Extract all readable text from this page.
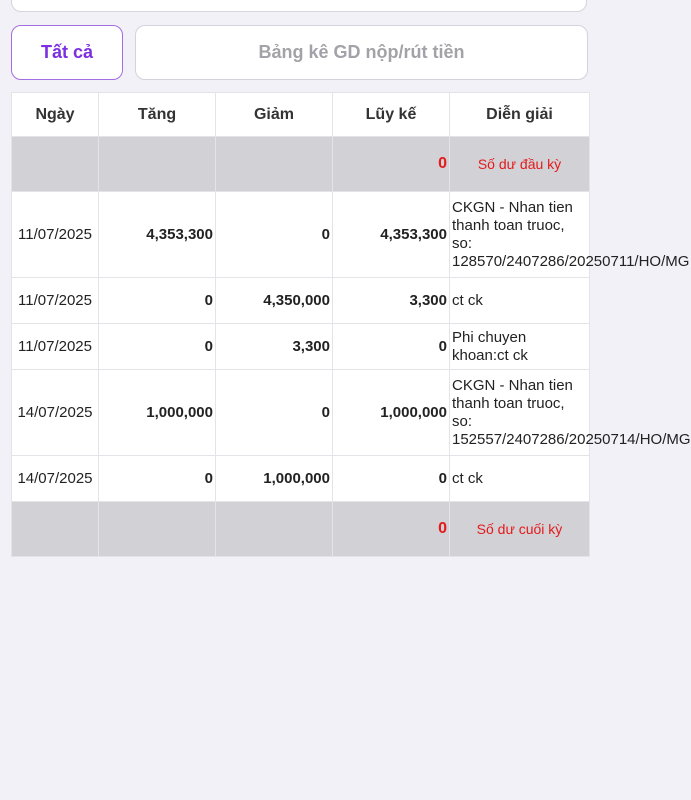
Tất cả	Bảng kê GD nộp/rút tiền
Ngày	Tăng	Giảm	Lũy kế	Diễn giải
			0	Số dư đầu kỳ
11/07/2025	4,353,300	0	4,353,300	CKGN - Nhan tien thanh toan truoc, so: 128570/2407286/20250711/HO/MG
11/07/2025	0	4,350,000	3,300	ct ck
11/07/2025	0	3,300	0	Phi chuyen khoan:ct ck
14/07/2025	1,000,000	0	1,000,000	CKGN - Nhan tien thanh toan truoc, so: 152557/2407286/20250714/HO/MG
14/07/2025	0	1,000,000	0	ct ck
			0	Số dư cuối kỳ
